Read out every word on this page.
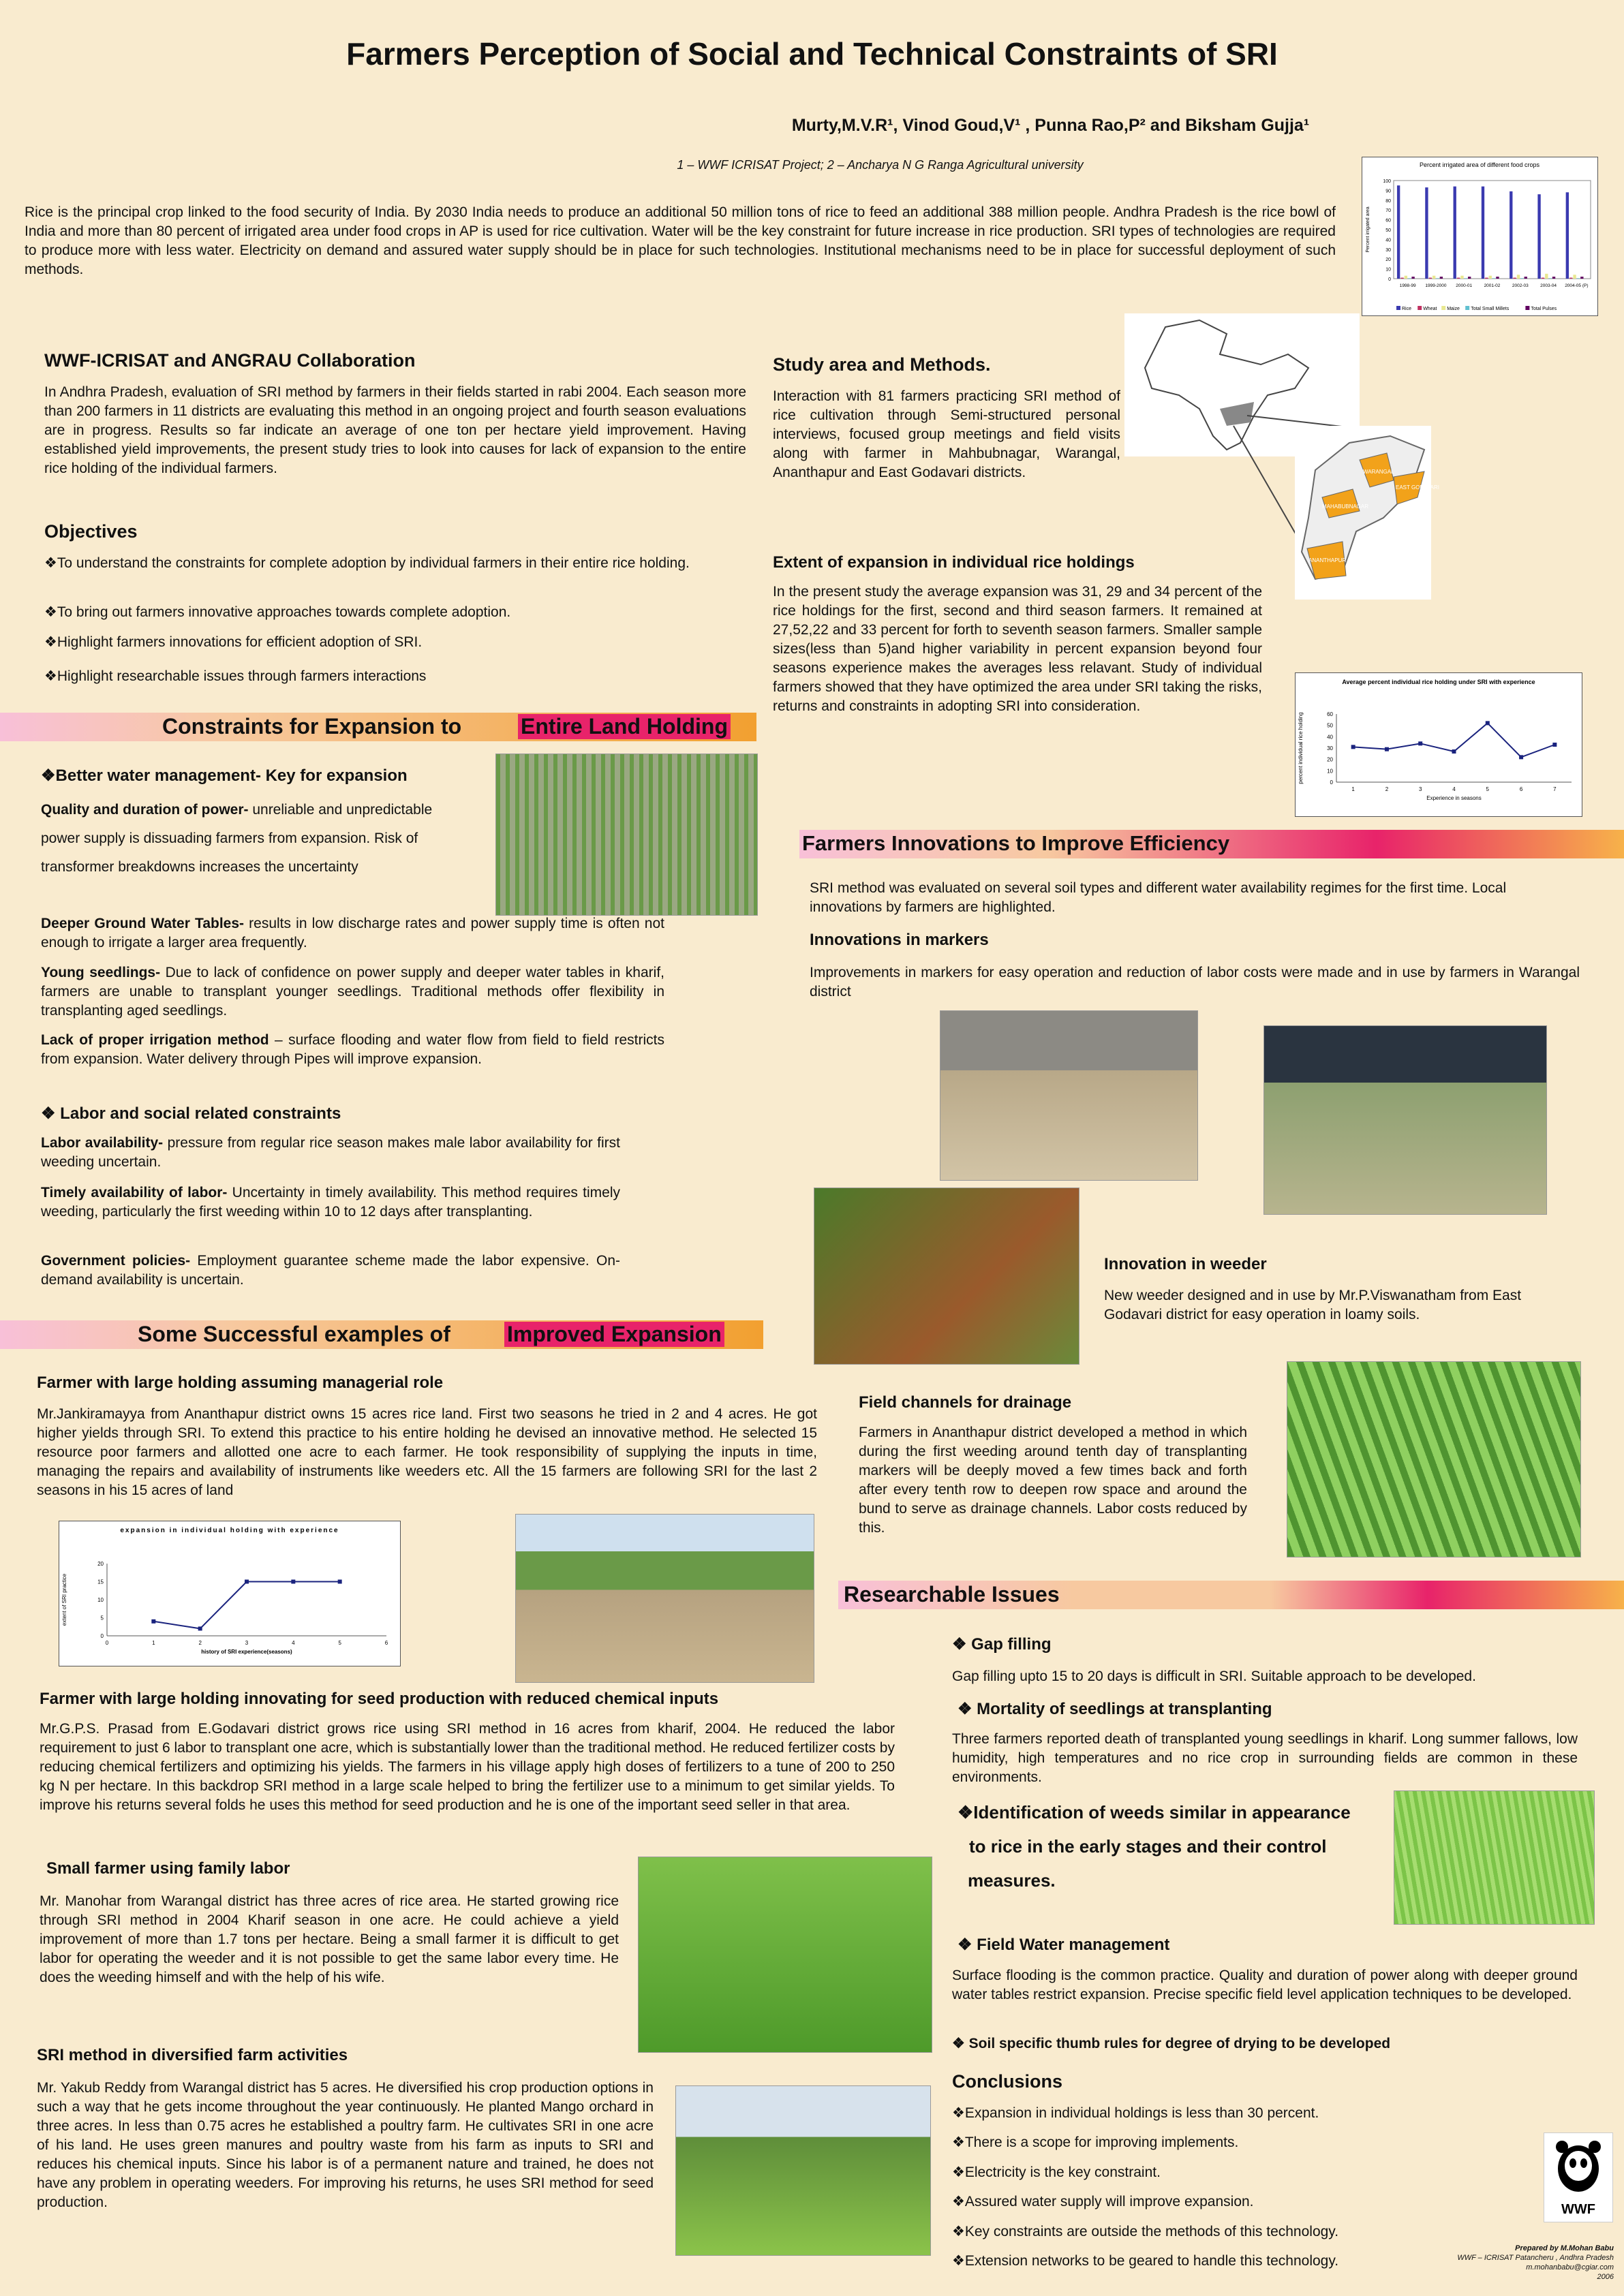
Farmers Perception of Social and Technical Constraints of SRI
Murty,M.V.R¹, Vinod Goud,V¹ , Punna Rao,P² and Biksham Gujja¹
1 – WWF ICRISAT Project; 2 – Ancharya N G Ranga Agricultural university

Rice is the principal crop linked to the food security of India. By 2030 India needs to produce an additional 50 million tons of rice to feed an additional 388 million people. Andhra Pradesh is the rice bowl of India and more than 80 percent of irrigated area under food crops in AP is used for rice cultivation. Water will be the key constraint for future increase in rice production. SRI types of technologies are required to produce more with less water. Electricity on demand and assured water supply should be in place for such technologies. Institutional mechanisms need to be in place for successful deployment of such methods.

Percent irrigated area of different food crops
0
10
20
30
40
50
60
70
80
90
100
Percent irrigated area
1998-99 1999-2000 2000-01	2001-02	2002-03	2003-04 2004-05 (P)
Rice Wheat Maize Total Small Millets	Total Pulses
WWF-ICRISAT and ANGRAU Collaboration

In Andhra Pradesh, evaluation of SRI method by farmers in their fields started in rabi 2004. Each season more than 200 farmers in 11 districts are evaluating this method in an ongoing project and fourth season evaluations are in progress. Results so far indicate an average of one ton per hectare yield improvement. Having established yield improvements, the present study tries to look into causes for lack of expansion to the entire rice holding of the individual farmers.

Objectives

❖To understand the constraints for complete adoption by individual farmers in their entire rice holding.

❖To bring out farmers innovative approaches towards complete adoption.

❖Highlight farmers innovations for efficient adoption of SRI.

❖Highlight researchable issues through farmers interactions

Study area and Methods.

Interaction with 81 farmers practicing SRI method of rice cultivation through Semi-structured personal interviews, focused group meetings and field visits along with farmer in Mahbubnagar, Warangal, Ananthapur and East Godavari districts.	WARANGAL
MAHABUBNAGAR
EAST GODAVARI
ANANTHAPUR
Extent of expansion in individual rice holdings

In the present study the average expansion was 31, 29 and 34 percent of the rice holdings for the first, second and third season farmers. It remained at 27,52,22 and 33 percent for forth to seventh season farmers. Smaller sample sizes(less than 5)and higher variability in percent expansion beyond four seasons experience makes the averages less relavant. Study of individual farmers showed that they have optimized the area under SRI taking the risks, returns and constraints in adopting SRI into consideration.

Average percent individual rice holding under SRI with experience
0
10
20
30
40
50
60
1	2	3	4	5	6	7
Experience in seasons
percent individual rice holding
Constraints for Expansion to	Entire Land Holding
❖Better water management- Key for expansion
Quality and duration of power- unreliable and unpredictable power supply is dissuading farmers from expansion. Risk of transformer breakdowns increases the uncertainty
Deeper Ground Water Tables- results in low discharge rates and power supply time is often not enough to irrigate a larger area frequently.
Young seedlings- Due to lack of confidence on power supply and deeper water tables in kharif, farmers are unable to transplant younger seedlings. Traditional methods offer flexibility in transplanting aged seedlings.
Lack of proper irrigation method – surface flooding and water flow from field to field restricts from expansion. Water delivery through Pipes will improve expansion.
❖ Labor and social related constraints
Labor availability- pressure from regular rice season makes male labor availability for first weeding uncertain.
Timely availability of labor- Uncertainty in timely availability. This method requires timely weeding, particularly the first weeding within 10 to 12 days after transplanting.
Government policies- Employment guarantee scheme made the labor expensive. On-demand availability is uncertain.
Some Successful examples of	Improved Expansion
Farmer with large holding assuming managerial role

Mr.Jankiramayya from Ananthapur district owns 15 acres rice land. First two seasons he tried in 2 and 4 acres. He got higher yields through SRI. To extend this practice to his entire holding he devised an innovative method. He selected 15 resource poor farmers and allotted one acre to each farmer. He took responsibility of supplying the inputs in time, managing the repairs and availability of instruments like weeders etc. All the 15 farmers are following SRI for the last 2 seasons in his 15 acres of land

expansion in individual holding with experience
0
5
10
15
20
0	1	2	3	4	5	6
history of SRI experience(seasons)
extent of SRI practice
Farmer with large holding innovating for seed production with reduced chemical inputs

Mr.G.P.S. Prasad from E.Godavari district grows rice using SRI method in 16 acres from kharif, 2004. He reduced the labor requirement to just 6 labor to transplant one acre, which is substantially lower than the traditional method. He reduced fertilizer costs by reducing chemical fertilizers and optimizing his yields. The farmers in his village apply high doses of fertilizers to a tune of 200 to 250 kg N per hectare. In this backdrop SRI method in a large scale helped to bring the fertilizer use to a minimum to get similar yields. To improve his returns several folds he uses this method for seed production and he is one of the important seed seller in that area.

Small farmer using family labor

Mr. Manohar from Warangal district has three acres of rice area. He started growing rice through SRI method in 2004 Kharif season in one acre. He could achieve a yield improvement of more than 1.7 tons per hectare. Being a small farmer it is difficult to get labor for operating the weeder and it is not possible to get the same labor every time. He does the weeding himself and with the help of his wife.

SRI method in diversified farm activities

Mr. Yakub Reddy from Warangal district has 5 acres. He diversified his crop production options in such a way that he gets income throughout the year continuously. He planted Mango orchard in three acres. In less than 0.75 acres he established a poultry farm. He cultivates SRI in one acre of his land. He uses green manures and poultry waste from his farm as inputs to SRI and reduces his chemical inputs. Since his labor is of a permanent nature and trained, he does not have any problem in operating weeders. For improving his returns, he uses SRI method for seed production.

Farmers Innovations to Improve Efficiency

SRI method was evaluated on several soil types and different water availability regimes for the first time. Local innovations by farmers are highlighted.

Innovations in markers

Improvements in markers for easy operation and reduction of labor costs were made and in use by farmers in Warangal district

Innovation in weeder

New weeder designed and in use by Mr.P.Viswanatham from East Godavari district for easy operation in loamy soils.

Field channels for drainage

Farmers in Ananthapur district developed a method in which during the first weeding around tenth day of transplanting markers will be deeply moved a few times back and forth after every tenth row to deepen row space and around the bund to serve as drainage channels. Labor costs reduced by this.

Researchable Issues
❖ Gap filling

Gap filling upto 15 to 20 days is difficult in SRI. Suitable approach to be developed.

❖ Mortality of seedlings at transplanting

Three farmers reported death of transplanted young seedlings in kharif. Long summer fallows, low humidity, high temperatures and no rice crop in surrounding fields are common in these environments.

❖Identification of weeds similar in appearance
to rice in the early stages and their control
measures.
❖ Field Water management

Surface flooding is the common practice. Quality and duration of power along with deeper ground water tables restrict expansion. Precise specific field level application techniques to be developed.

❖ Soil specific thumb rules for degree of drying to be developed
Conclusions

❖Expansion in individual holdings is less than 30 percent.

❖There is a scope for improving implements.

❖Electricity is the key constraint.

❖Assured water supply will improve expansion.

❖Key constraints are outside the methods of this technology.

❖Extension networks to be geared to handle this technology.

WWF
Prepared by M.Mohan Babu
WWF – ICRISAT Patancheru , Andhra Pradesh
m.mohanbabu@cgiar.com
2006
